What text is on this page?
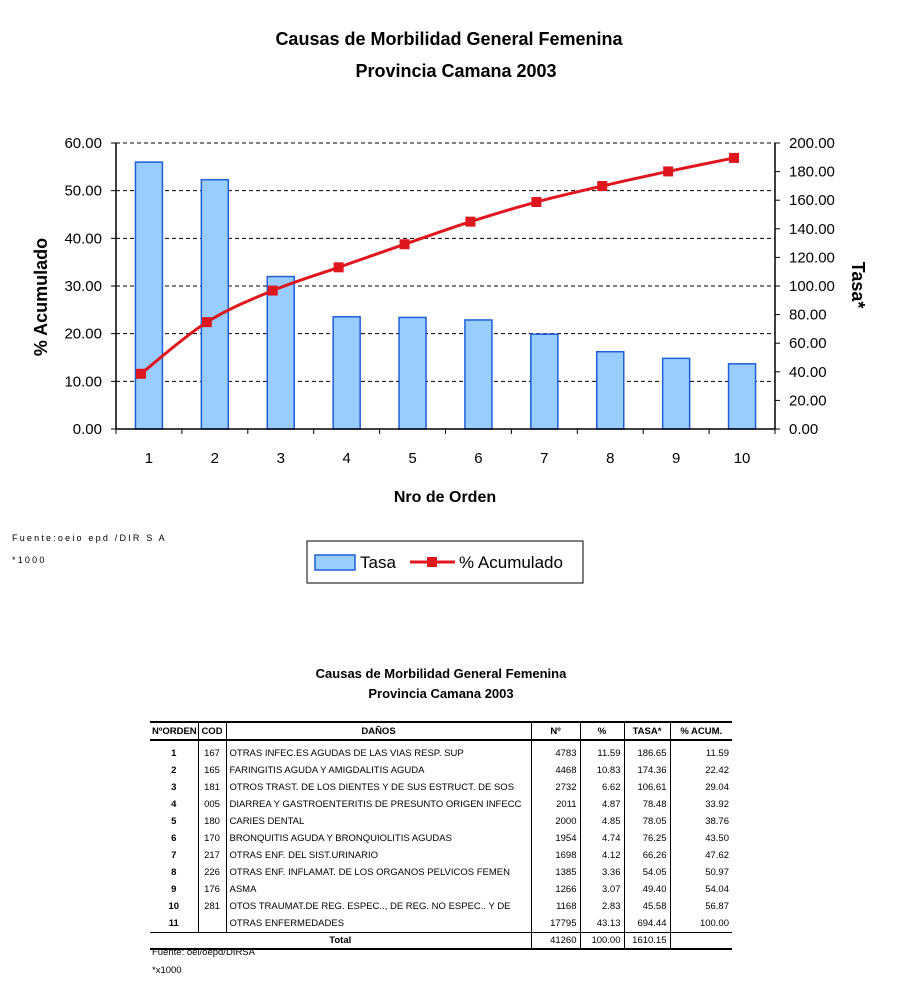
Causas de Morbilidad General Femenina
Provincia Camana 2003
0.00
10.00
20.00
30.00
40.00
50.00
60.00
0.00
20.00
40.00
60.00
80.00
100.00
120.00
140.00
160.00
180.00
200.00
1	2	3	4	5	6	7	8	9	10
% Acumulado	Tasa*
Nro de Orden
Fuente:oeio epd /DIR S A
*1000	Tasa	% Acumulado
Causas de Morbilidad General Femenina
Provincia Camana 2003
NºORDEN	COD	DAÑOS	Nº	%	TASA*	% ACUM.
1	167	OTRAS INFEC.ES AGUDAS DE LAS VIAS RESP. SUP	4783	11.59	186.65	11.59
2	165	FARINGITIS AGUDA Y AMIGDALITIS AGUDA	4468	10.83	174.36	22.42
3	181	OTROS TRAST. DE LOS DIENTES Y DE SUS ESTRUCT. DE SOS	2732	6.62	106.61	29.04
4	005	DIARREA Y GASTROENTERITIS DE PRESUNTO ORIGEN INFECC	2011	4.87	78.48	33.92
5	180	CARIES DENTAL	2000	4.85	78.05	38.76
6	170	BRONQUITIS AGUDA Y BRONQUIOLITIS AGUDAS	1954	4.74	76.25	43.50
7	217	OTRAS ENF. DEL SIST.URINARIO	1698	4.12	66.26	47.62
8	226	OTRAS ENF. INFLAMAT. DE LOS ORGANOS PELVICOS FEMEN	1385	3.36	54.05	50.97
9	176	ASMA	1266	3.07	49.40	54.04
10	281	OTOS TRAUMAT.DE REG. ESPEC.., DE REG. NO ESPEC.. Y DE	1168	2.83	45.58	56.87
11		OTRAS ENFERMEDADES	17795	43.13	694.44	100.00
Total			41260	100.00	1610.15	
Fuente: oei/oepd/DIRSA
*x1000
